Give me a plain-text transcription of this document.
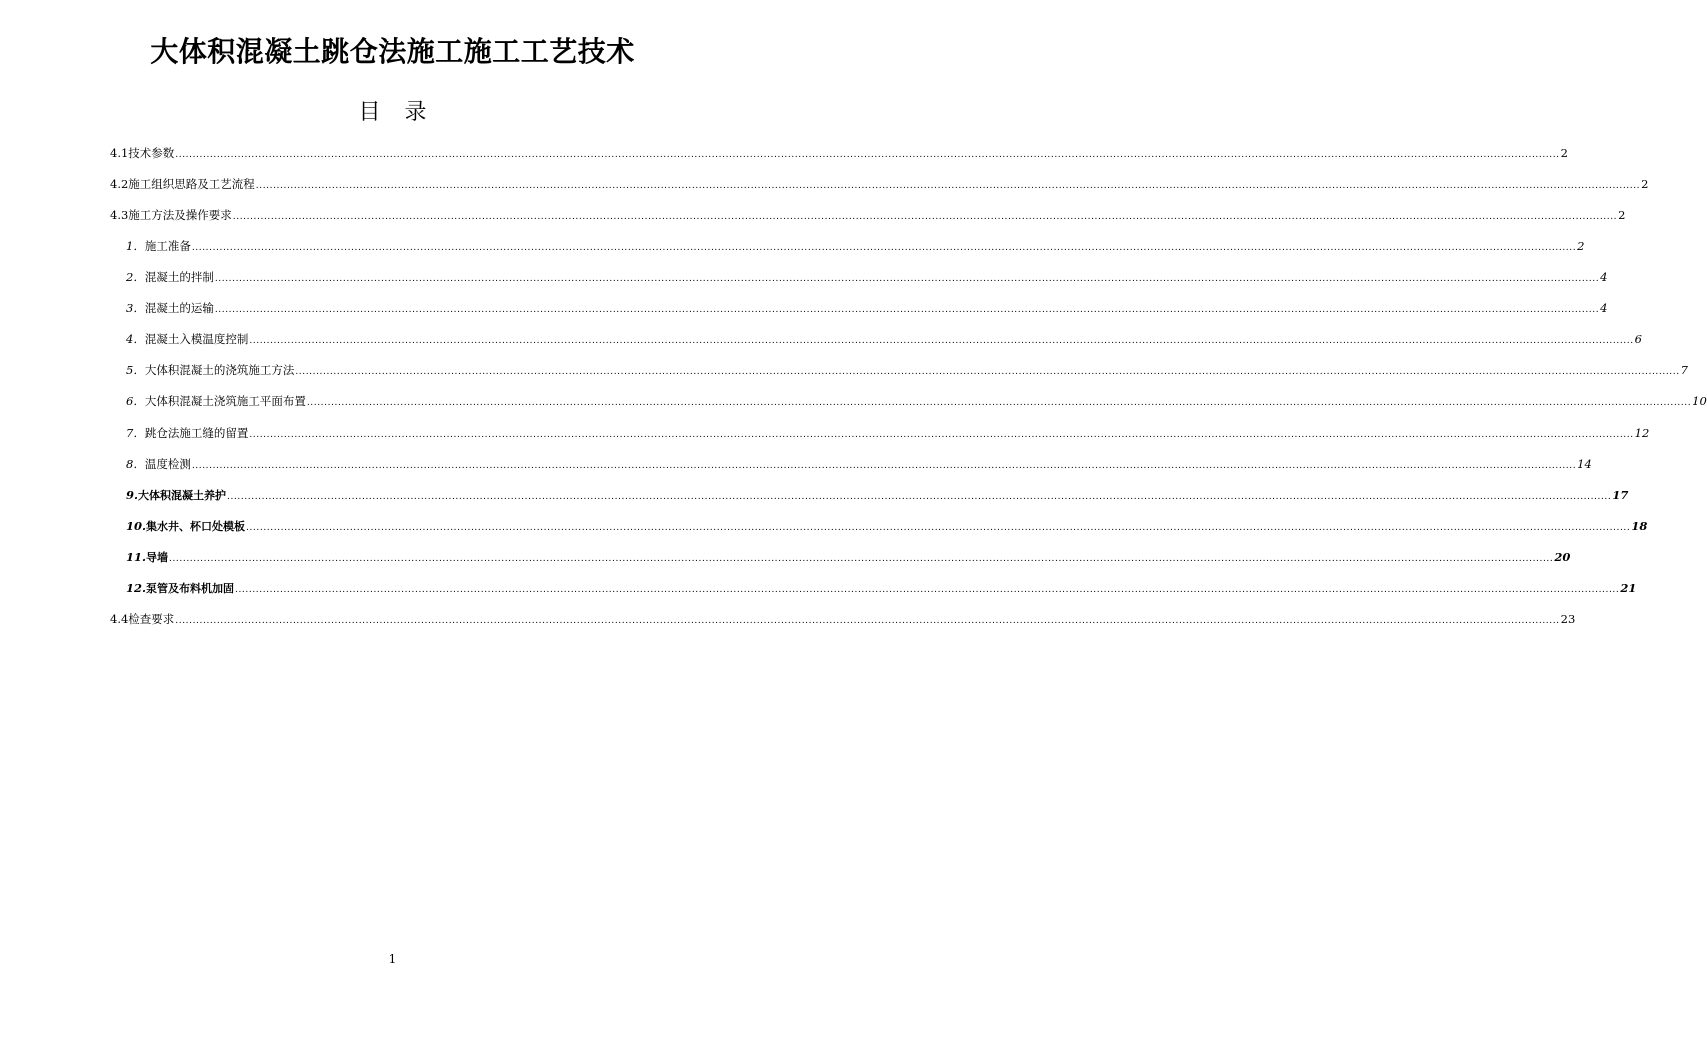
大体积混凝土跳仓法施工施工工艺技术
目 录
4.1 技术参数 ................................................................................................................................................................................................................................................................................................................................................................................................................ 2
4.2 施工组织思路及工艺流程 ................................................................................................................................................................................................................................................................................................................................................................................................................ 2
4.3 施工方法及操作要求 ................................................................................................................................................................................................................................................................................................................................................................................................................ 2
1． 施工准备 ................................................................................................................................................................................................................................................................................................................................................................................................................ 2
2． 混凝土的拌制 ................................................................................................................................................................................................................................................................................................................................................................................................................ 4
3． 混凝土的运输 ................................................................................................................................................................................................................................................................................................................................................................................................................ 4
4． 混凝土入模温度控制 ................................................................................................................................................................................................................................................................................................................................................................................................................ 6
5． 大体积混凝土的浇筑施工方法 ................................................................................................................................................................................................................................................................................................................................................................................................................ 7
6． 大体积混凝土浇筑施工平面布置 ................................................................................................................................................................................................................................................................................................................................................................................................................ 10
7． 跳仓法施工缝的留置 ................................................................................................................................................................................................................................................................................................................................................................................................................ 12
8． 温度检测 ................................................................................................................................................................................................................................................................................................................................................................................................................ 14
9. 大体积混凝土养护 ................................................................................................................................................................................................................................................................................................................................................................................................................ 17
10. 集水井、杯口处模板 ................................................................................................................................................................................................................................................................................................................................................................................................................ 18
11. 导墙 ................................................................................................................................................................................................................................................................................................................................................................................................................ 20
12. 泵管及布料机加固 ................................................................................................................................................................................................................................................................................................................................................................................................................ 21
4.4 检查要求 ................................................................................................................................................................................................................................................................................................................................................................................................................ 23
1
